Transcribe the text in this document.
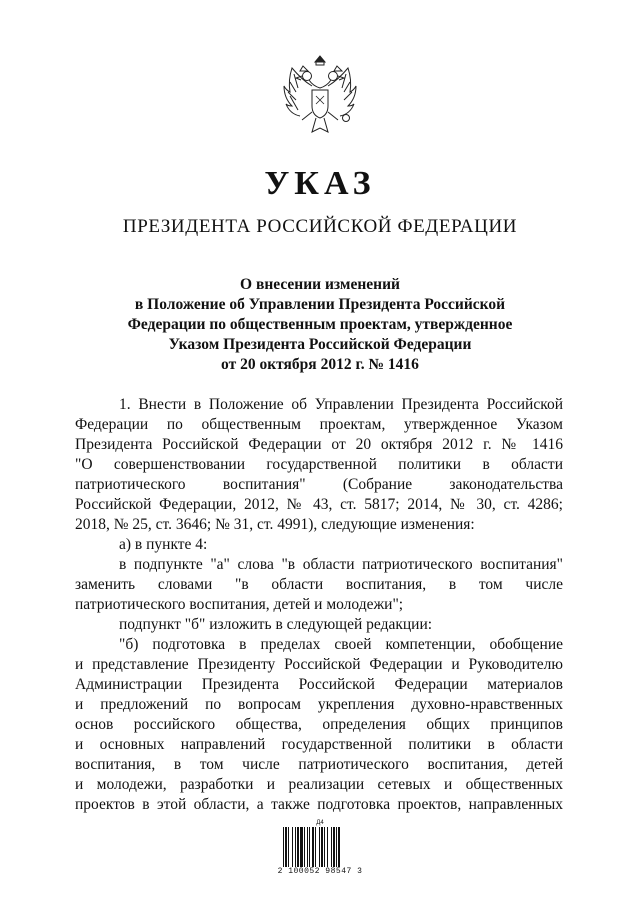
УКАЗ
ПРЕЗИДЕНТА РОССИЙСКОЙ ФЕДЕРАЦИИ
О внесении изменений
в Положение об Управлении Президента Российской
Федерации по общественным проектам, утвержденное
Указом Президента Российской Федерации
от 20 октября 2012 г. № 1416

1. Внести в Положение об Управлении Президента Российской

Федерации по общественным проектам, утвержденное Указом

Президента Российской Федерации от 20 октября 2012 г. № 1416

"О совершенствовании государственной политики в области

патриотического воспитания" (Собрание законодательства

Российской Федерации, 2012, № 43, ст. 5817; 2014, № 30, ст. 4286;

2018, № 25, ст. 3646; № 31, ст. 4991), следующие изменения:

а) в пункте 4:

в подпункте "а" слова "в области патриотического воспитания"

заменить словами "в области воспитания, в том числе

патриотического воспитания, детей и молодежи";

подпункт "б" изложить в следующей редакции:

"б) подготовка в пределах своей компетенции, обобщение

и представление Президенту Российской Федерации и Руководителю

Администрации Президента Российской Федерации материалов

и предложений по вопросам укрепления духовно-нравственных

основ российского общества, определения общих принципов

и основных направлений государственной политики в области

воспитания, в том числе патриотического воспитания, детей

и молодежи, разработки и реализации сетевых и общественных

проектов в этой области, а также подготовка проектов, направленных

Д4
2 100052 98547 3
